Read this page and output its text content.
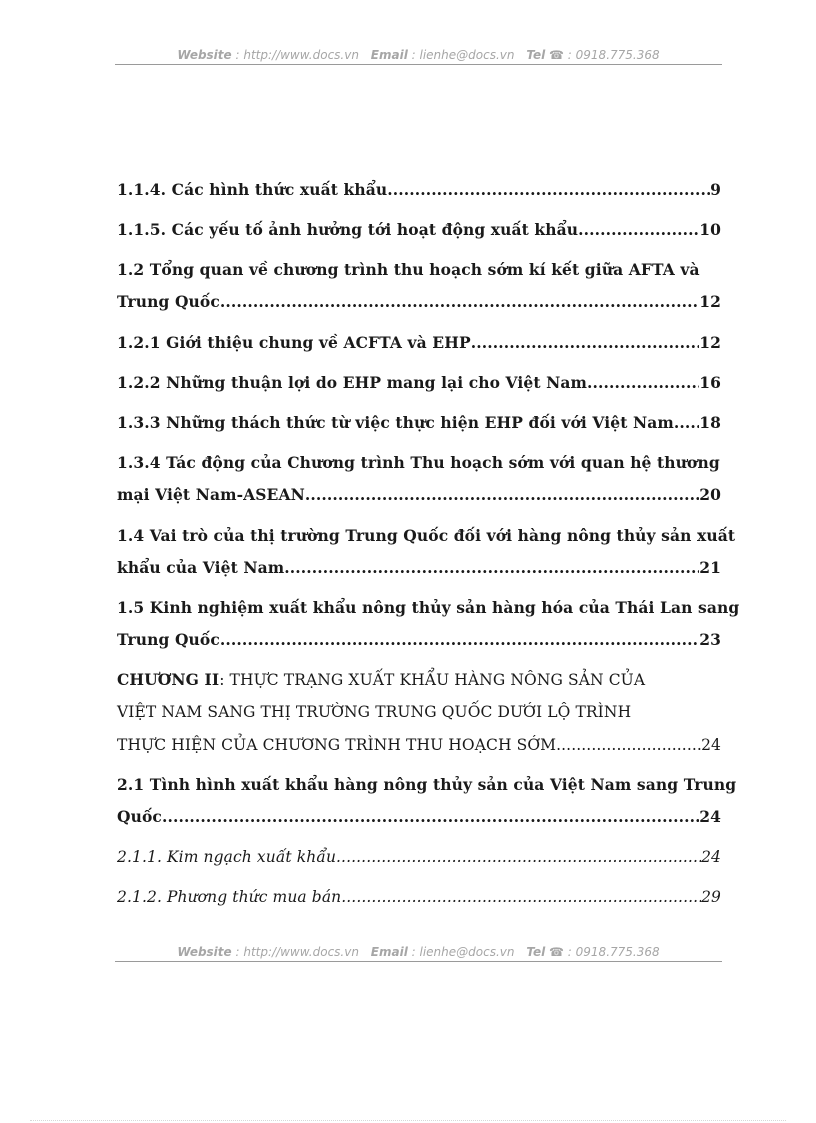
Website : http://www.docs.vn Email : lienhe@docs.vn Tel ☎ : 0918.775.368
1.1.4. Các hình thức xuất khẩu .....	9
1.1.5. Các yếu tố ảnh hưởng tới hoạt động xuất khẩu .....	10
1.2 Tổng quan về chương trình thu hoạch sớm kí kết giữa AFTA và
Trung Quốc .....	12
1.2.1 Giới thiệu chung về ACFTA và EHP .....	12
1.2.2 Những thuận lợi do EHP mang lại cho Việt Nam .....	16
1.3.3 Những thách thức từ việc thực hiện EHP đối với Việt Nam ..... 18
1.3.4 Tác động của Chương trình Thu hoạch sớm với quan hệ thương
mại Việt Nam-ASEAN .....	20
1.4 Vai trò của thị trường Trung Quốc đối với hàng nông thủy sản xuất
khẩu của Việt Nam .....	21
1.5 Kinh nghiệm xuất khẩu nông thủy sản hàng hóa của Thái Lan sang
Trung Quốc .....	23
CHƯƠNG II: THỰC TRẠNG XUẤT KHẨU HÀNG NÔNG SẢN CỦA
VIỆT NAM SANG THỊ TRƯỜNG TRUNG QUỐC DƯỚI LỘ TRÌNH
THỰC HIỆN CỦA CHƯƠNG TRÌNH THU HOẠCH SỚM .....	24
2.1 Tình hình xuất khẩu hàng nông thủy sản của Việt Nam sang Trung
Quốc .....	24
2.1.1. Kim ngạch xuất khẩu .....	24
2.1.2. Phương thức mua bán .....	29
Website : http://www.docs.vn Email : lienhe@docs.vn Tel ☎ : 0918.775.368
